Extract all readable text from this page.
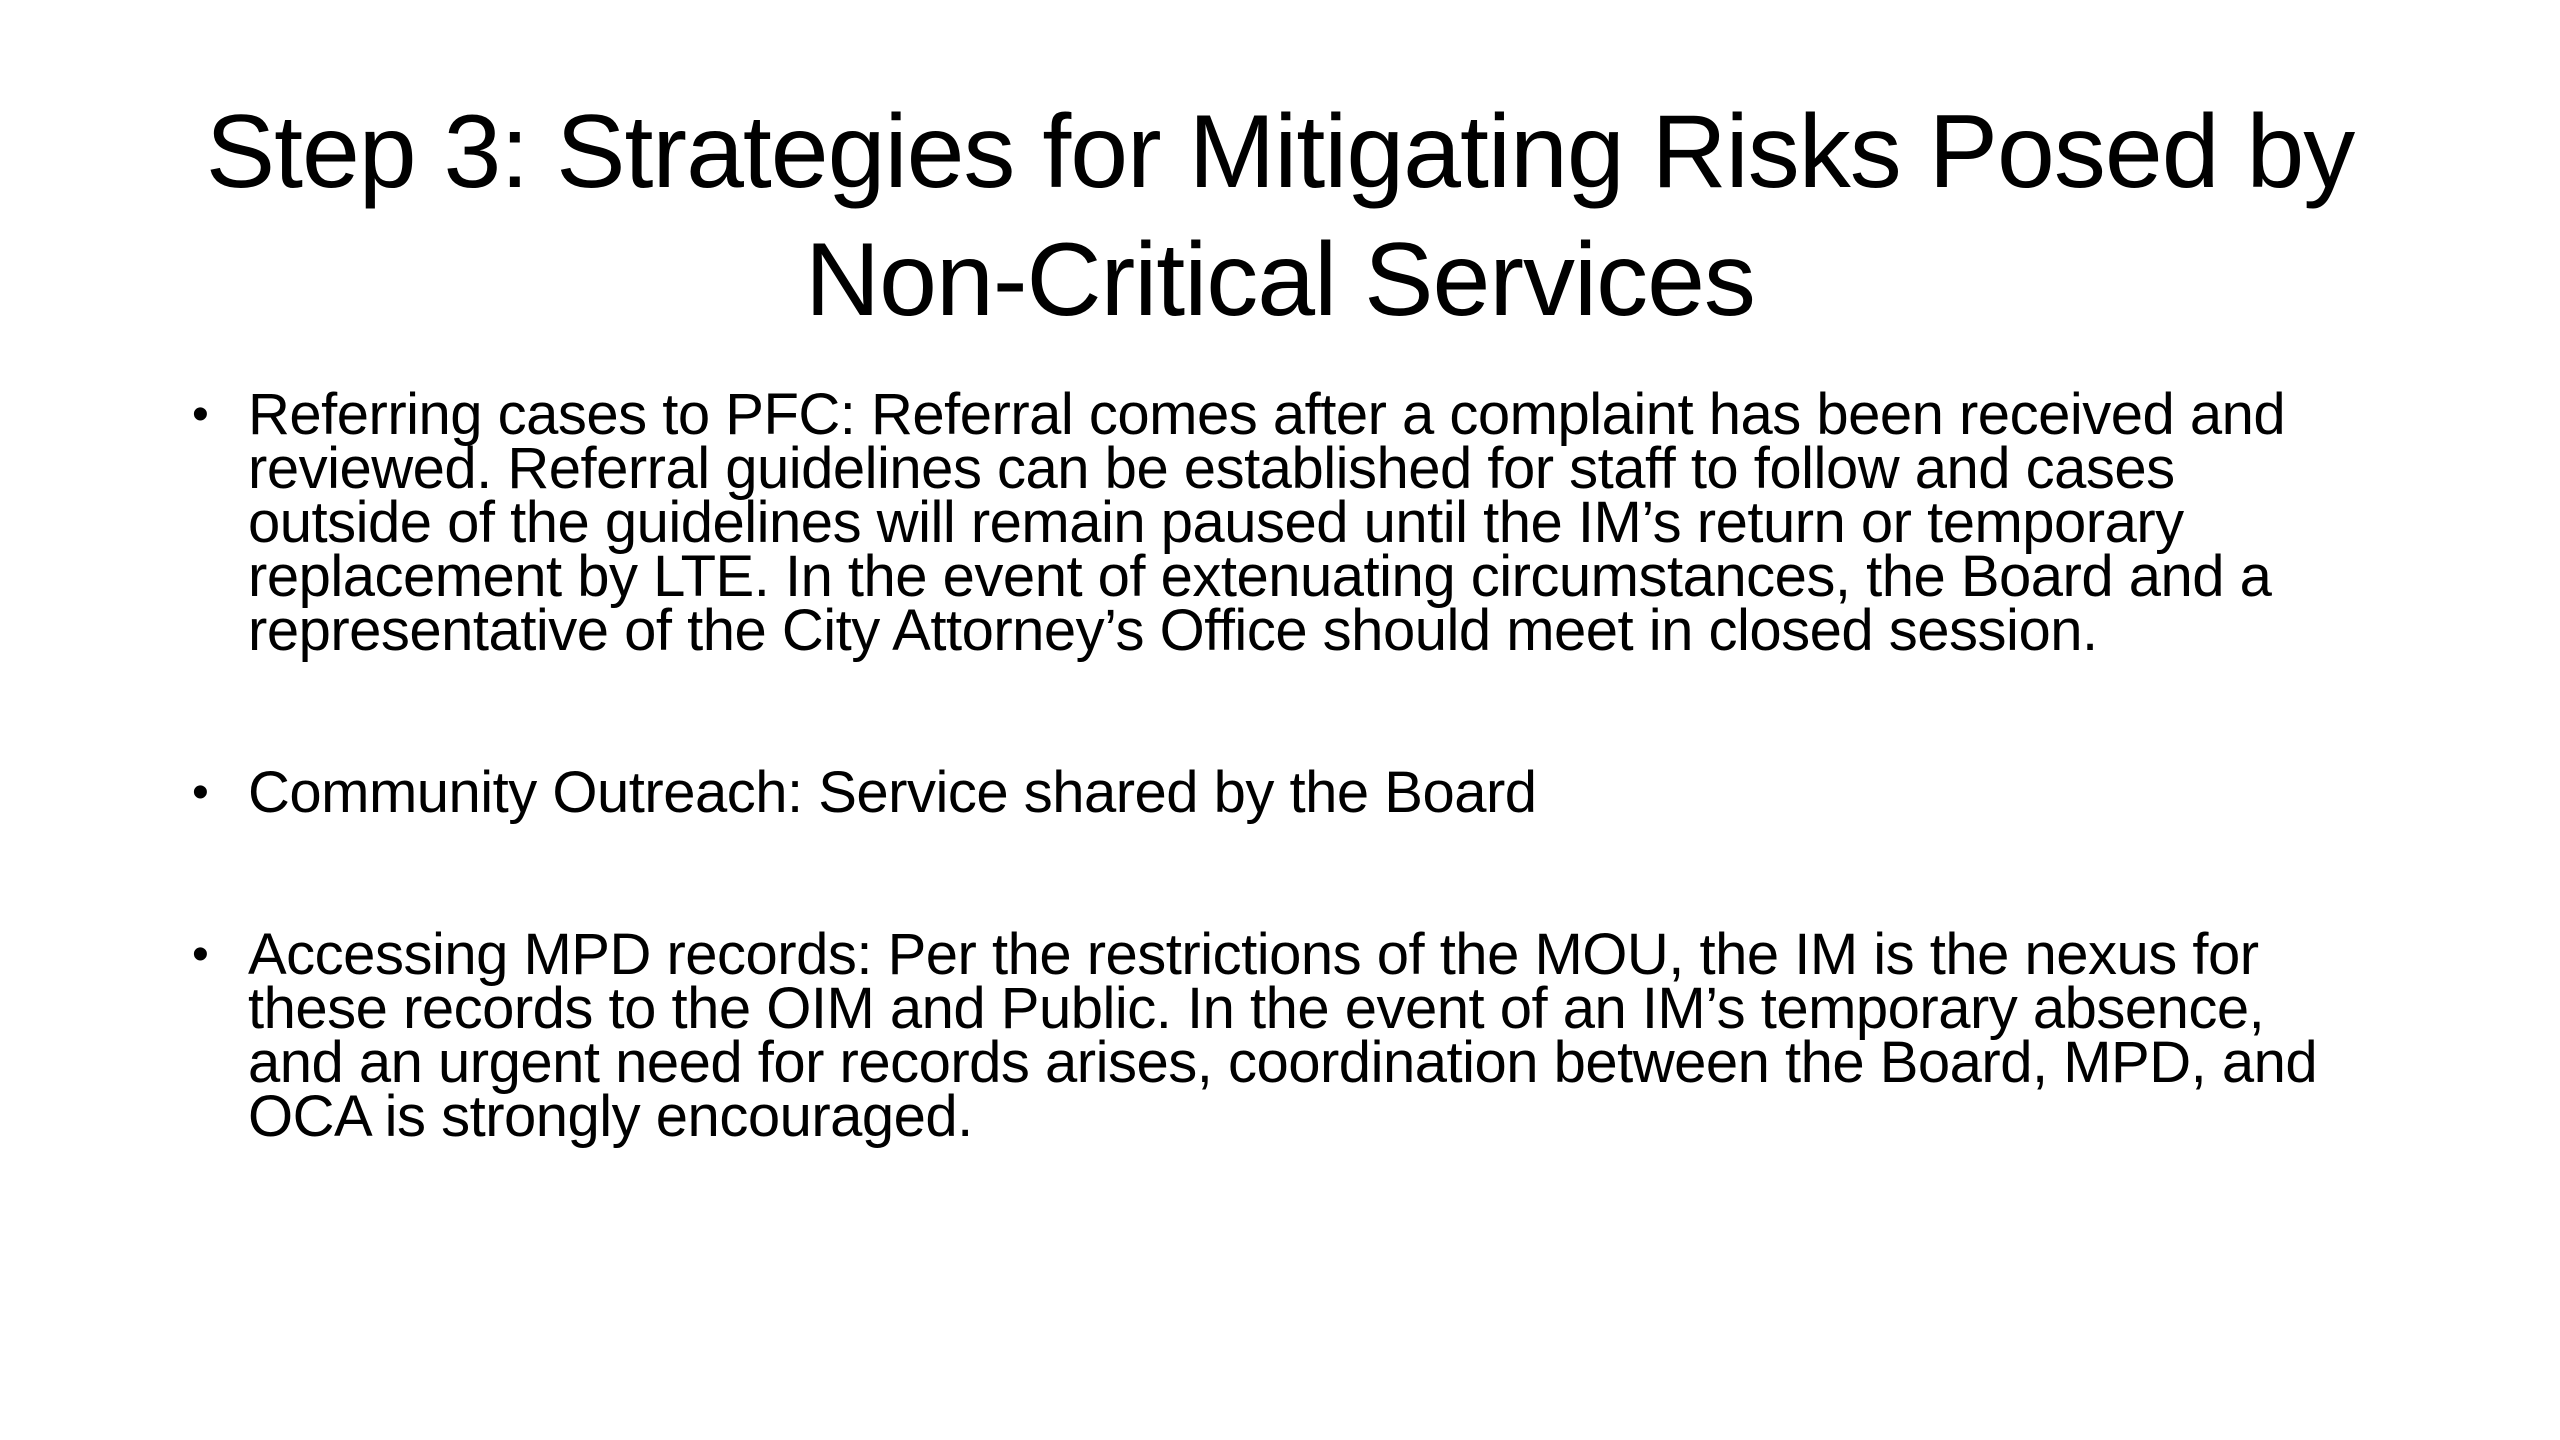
Step 3: Strategies for Mitigating Risks Posed by Non-Critical Services
• Referring cases to PFC: Referral comes after a complaint has been received and reviewed. Referral guidelines can be established for staff to follow and cases outside of the guidelines will remain paused until the IM’s return or temporary replacement by LTE. In the event of extenuating circumstances, the Board and a representative of the City Attorney’s Office should meet in closed session.
• Community Outreach: Service shared by the Board
• Accessing MPD records: Per the restrictions of the MOU, the IM is the nexus for these records to the OIM and Public. In the event of an IM’s temporary absence, and an urgent need for records arises, coordination between the Board, MPD, and OCA is strongly encouraged.
